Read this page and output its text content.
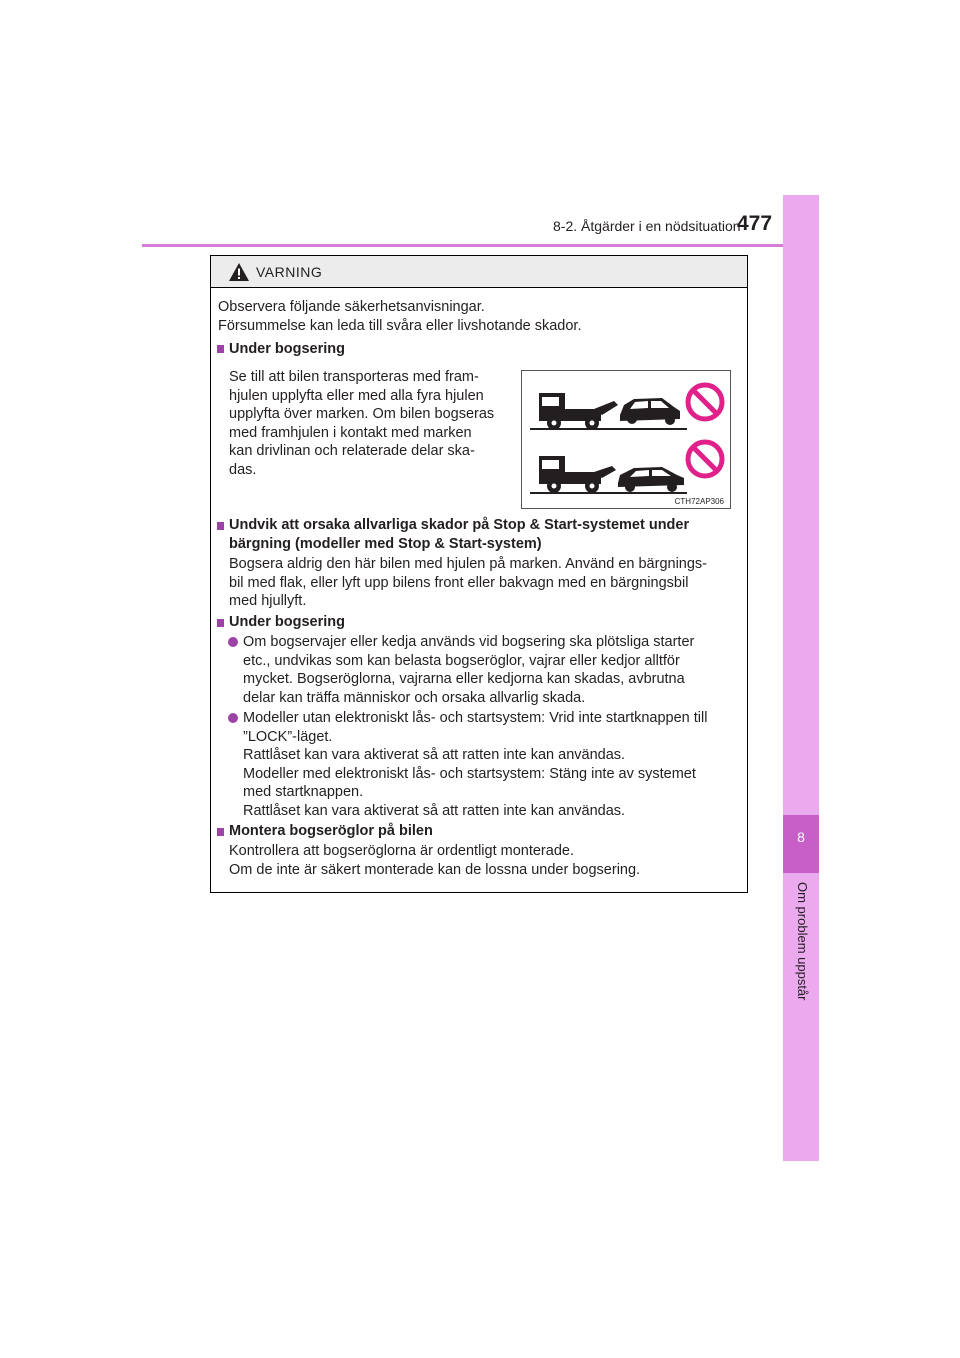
8-2. Åtgärder i en nödsituation
477
8
Om problem uppstår
VARNING
Observera följande säkerhetsanvisningar.
Försummelse kan leda till svåra eller livshotande skador.
Under bogsering
Se till att bilen transporteras med fram-
hjulen upplyfta eller med alla fyra hjulen
upplyfta över marken. Om bilen bogseras
med framhjulen i kontakt med marken
kan drivlinan och relaterade delar ska-
das.
CTH72AP306
Undvik att orsaka allvarliga skador på Stop & Start-systemet under
bärgning (modeller med Stop & Start-system)
Bogsera aldrig den här bilen med hjulen på marken. Använd en bärgnings-
bil med flak, eller lyft upp bilens front eller bakvagn med en bärgningsbil
med hjullyft.
Under bogsering
Om bogservajer eller kedja används vid bogsering ska plötsliga starter
etc., undvikas som kan belasta bogseröglor, vajrar eller kedjor alltför
mycket. Bogseröglorna, vajrarna eller kedjorna kan skadas, avbrutna
delar kan träffa människor och orsaka allvarlig skada.
Modeller utan elektroniskt lås- och startsystem: Vrid inte startknappen till
”LOCK”-läget.
Rattlåset kan vara aktiverat så att ratten inte kan användas.
Modeller med elektroniskt lås- och startsystem: Stäng inte av systemet
med startknappen.
Rattlåset kan vara aktiverat så att ratten inte kan användas.
Montera bogseröglor på bilen
Kontrollera att bogseröglorna är ordentligt monterade.
Om de inte är säkert monterade kan de lossna under bogsering.
